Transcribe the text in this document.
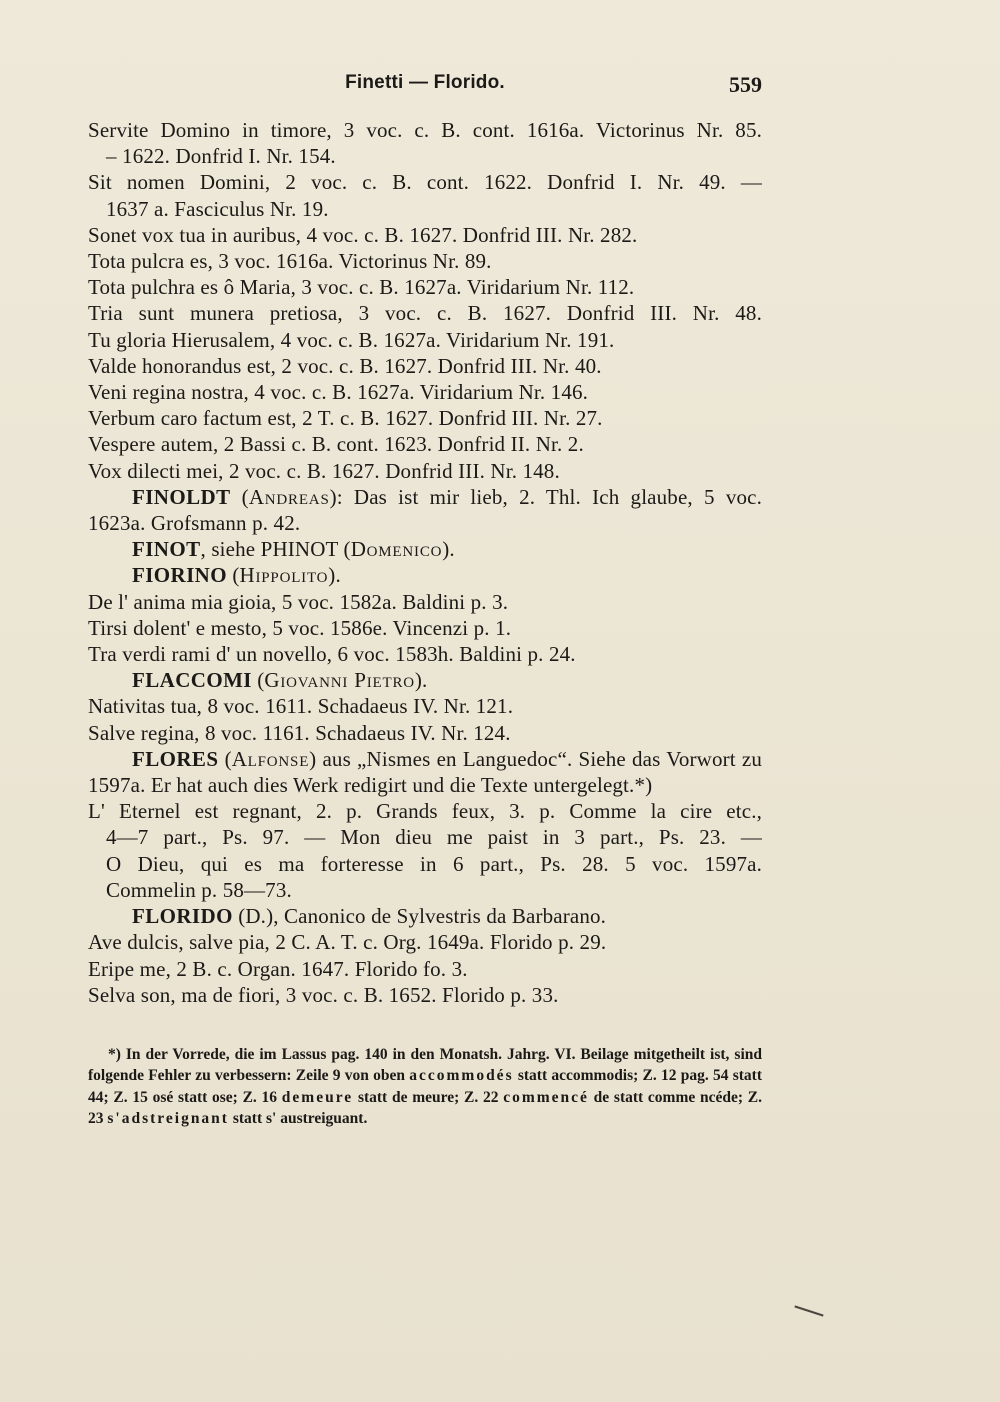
Finetti — Florido.	559
Servite Domino in timore, 3 voc. c. B. cont. 1616a. Victorinus Nr. 85.
– 1622. Donfrid I. Nr. 154.
Sit nomen Domini, 2 voc. c. B. cont. 1622. Donfrid I. Nr. 49. —
1637 a. Fasciculus Nr. 19.
Sonet vox tua in auribus, 4 voc. c. B. 1627. Donfrid III. Nr. 282.
Tota pulcra es, 3 voc. 1616a. Victorinus Nr. 89.
Tota pulchra es ô Maria, 3 voc. c. B. 1627a. Viridarium Nr. 112.
Tria sunt munera pretiosa, 3 voc. c. B. 1627. Donfrid III. Nr. 48.
Tu gloria Hierusalem, 4 voc. c. B. 1627a. Viridarium Nr. 191.
Valde honorandus est, 2 voc. c. B. 1627. Donfrid III. Nr. 40.
Veni regina nostra, 4 voc. c. B. 1627a. Viridarium Nr. 146.
Verbum caro factum est, 2 T. c. B. 1627. Donfrid III. Nr. 27.
Vespere autem, 2 Bassi c. B. cont. 1623. Donfrid II. Nr. 2.
Vox dilecti mei, 2 voc. c. B. 1627. Donfrid III. Nr. 148.
FINOLDT (Andreas): Das ist mir lieb, 2. Thl. Ich glaube, 5 voc.
1623a. Grofsmann p. 42.
FINOT, siehe PHINOT (Domenico).
FIORINO (Hippolito).
De l' anima mia gioia, 5 voc. 1582a. Baldini p. 3.
Tirsi dolent' e mesto, 5 voc. 1586e. Vincenzi p. 1.
Tra verdi rami d' un novello, 6 voc. 1583h. Baldini p. 24.
FLACCOMI (Giovanni Pietro).
Nativitas tua, 8 voc. 1611. Schadaeus IV. Nr. 121.
Salve regina, 8 voc. 1161. Schadaeus IV. Nr. 124.
FLORES (Alfonse) aus „Nismes en Languedoc“. Siehe das Vorwort zu 1597a. Er hat auch dies Werk redigirt und die Texte untergelegt.*)
L' Eternel est regnant, 2. p. Grands feux, 3. p. Comme la cire etc.,
4—7 part., Ps. 97. — Mon dieu me paist in 3 part., Ps. 23. —
O Dieu, qui es ma forteresse in 6 part., Ps. 28. 5 voc. 1597a.
Commelin p. 58—73.
FLORIDO (D.), Canonico de Sylvestris da Barbarano.
Ave dulcis, salve pia, 2 C. A. T. c. Org. 1649a. Florido p. 29.
Eripe me, 2 B. c. Organ. 1647. Florido fo. 3.
Selva son, ma de fiori, 3 voc. c. B. 1652. Florido p. 33.
*) In der Vorrede, die im Lassus pag. 140 in den Monatsh. Jahrg. VI. Beilage mitgetheilt ist, sind folgende Fehler zu verbessern: Zeile 9 von oben accommodés statt accommodis; Z. 12 pag. 54 statt 44; Z. 15 osé statt ose; Z. 16 demeure statt de meure; Z. 22 commencé de statt comme ncéde; Z. 23 s'adstreignant statt s' austreiguant.
